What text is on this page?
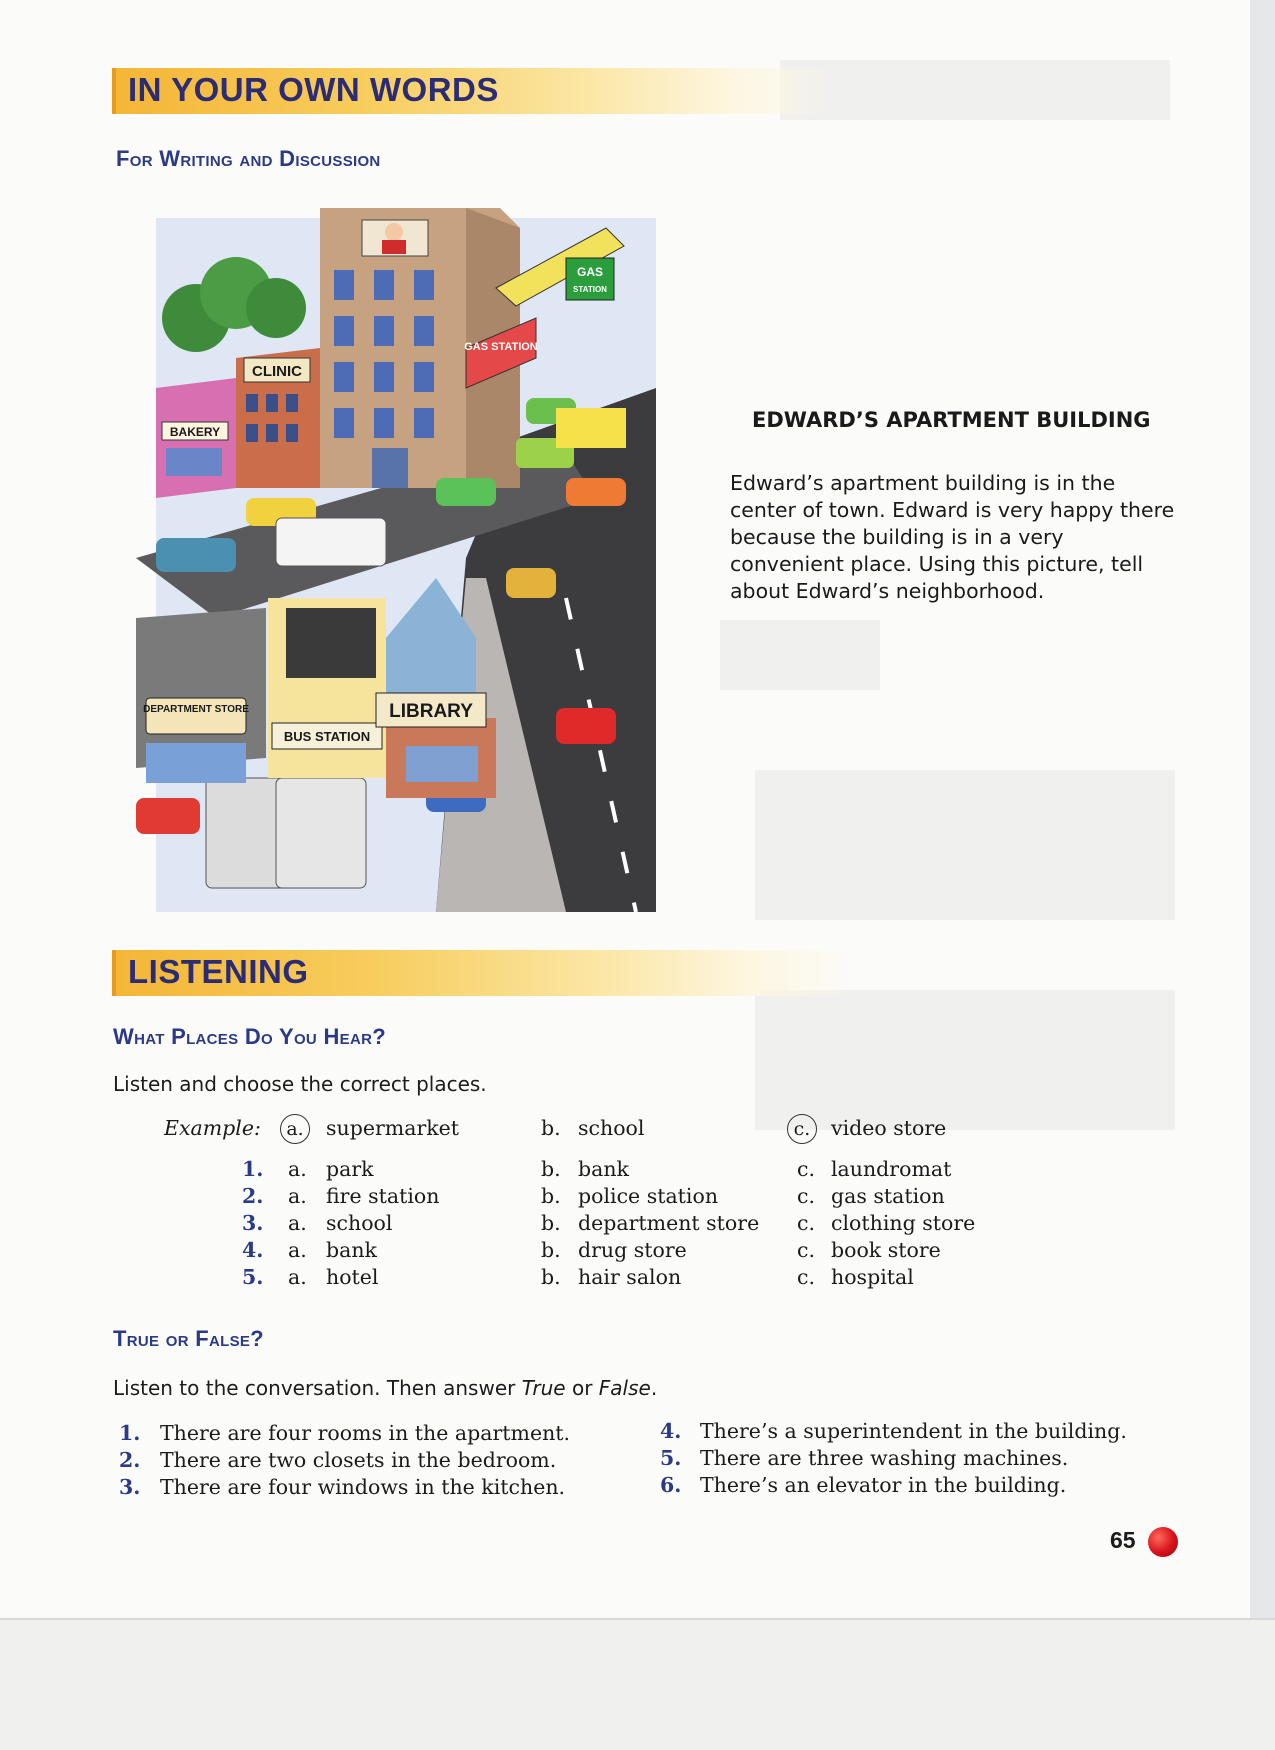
IN YOUR OWN WORDS
For Writing and Discussion
CLINIC
BAKERY
GAS
STATION
GAS STATION
DEPARTMENT STORE
BUS STATION
LIBRARY
EDWARD’S APARTMENT BUILDING
Edward’s apartment building is in the center of town. Edward is very happy there because the building is in a very convenient place. Using this picture, tell about Edward’s neighborhood.
LISTENING
What Places Do You Hear?
Listen and choose the correct places.
Example:	a.	supermarket	b. school	c.	video store
1. a. park	b. bank	c. laundromat
2. a. fire station	b. police station	c. gas station
3. a. school	b. department store c. clothing store
4. a. bank	b. drug store	c. book store
5. a. hotel	b. hair salon	c. hospital
True or False?
Listen to the conversation. Then answer True or False.
1. There are four rooms in the apartment.
2. There are two closets in the bedroom.
3. There are four windows in the kitchen.
4. There’s a superintendent in the building.
5. There are three washing machines.
6. There’s an elevator in the building.
65
